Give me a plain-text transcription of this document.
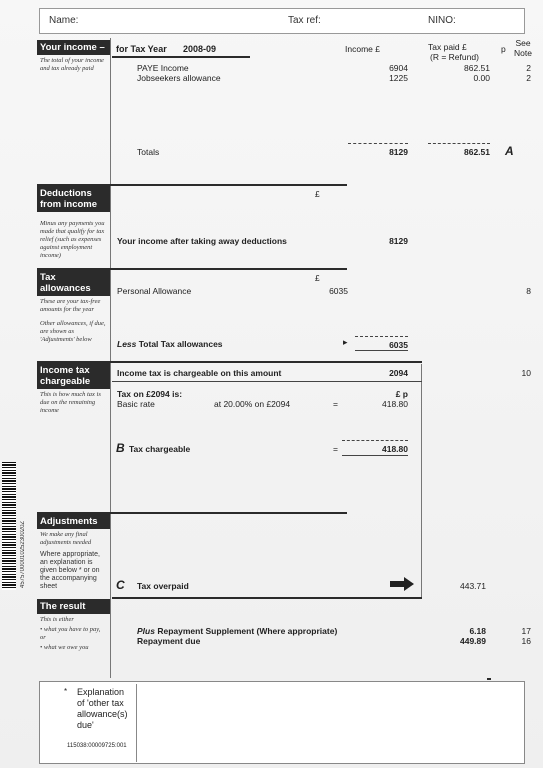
4575700001025230020Z
Name:	Tax ref:	NINO:
Your income –
The total of your income and tax already paid
for Tax Year 2008-09	Income £	Tax paid £
(R = Refund)
p
See Note
PAYE Income	6904	862.51	2
Jobseekers allowance	1225	0.00	2
Totals	8129	862.51 A
Deductions from income
Minus any payments you made that qualify for tax relief (such as expenses against employment income)
£
Your income after taking away deductions	8129
Tax allowances
These are your tax-free amounts for the year
Other allowances, if due, are shown as 'Adjustments' below
£
Personal Allowance	6035	8
Less Total Tax allowances	▸	6035
Income tax chargeable
This is how much tax is due on the remaining income
Income tax is chargeable on this amount	2094	10
Tax on £2094 is:	£ p
Basic rate	at 20.00% on £2094	=	418.80
B Tax chargeable	=	418.80
Adjustments
We make any final adjustments needed
Where appropriate, an explanation is given below * or on the accompanying sheet	C Tax overpaid	443.71
The result
This is either
• what you have to pay, or
• what we owe you
Plus Repayment Supplement (Where appropriate)	6.18	17
Repayment due	449.89	16
* Explanation of 'other tax allowance(s) due'
115038:00009725:001
